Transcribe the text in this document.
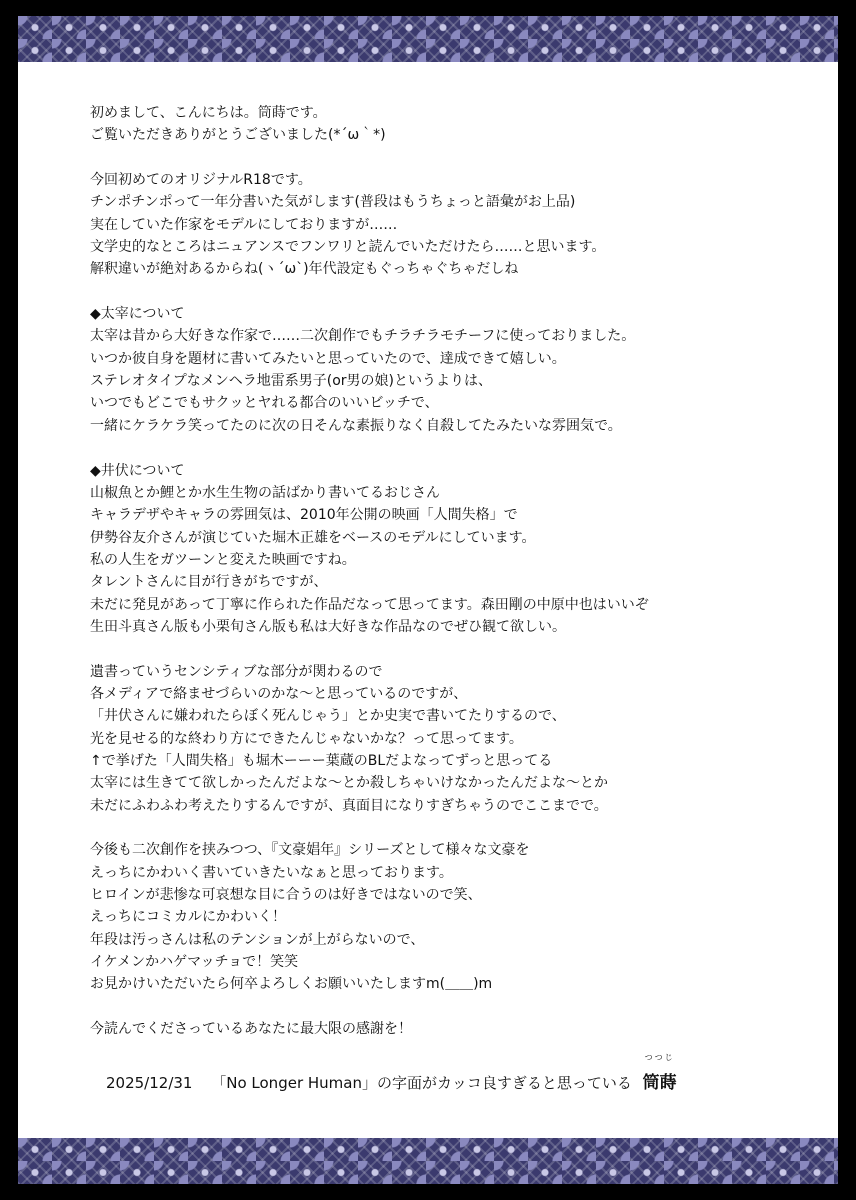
初めまして、こんにちは。筒蒔です。
ご覧いただきありがとうございました(*´ω｀*)
今回初めてのオリジナルR18です。
チンポチンポって一年分書いた気がします(普段はもうちょっと語彙がお上品)
実在していた作家をモデルにしておりますが……
文学史的なところはニュアンスでフンワリと読んでいただけたら……と思います。
解釈違いが絶対あるからね(ヽ´ω`)年代設定もぐっちゃぐちゃだしね
◆太宰について
太宰は昔から大好きな作家で……二次創作でもチラチラモチーフに使っておりました。
いつか彼自身を題材に書いてみたいと思っていたので、達成できて嬉しい。
ステレオタイプなメンヘラ地雷系男子(or男の娘)というよりは、
いつでもどこでもサクッとヤれる都合のいいビッチで、
一緒にケラケラ笑ってたのに次の日そんな素振りなく自殺してたみたいな雰囲気で。
◆井伏について
山椒魚とか鯉とか水生生物の話ばかり書いてるおじさん
キャラデザやキャラの雰囲気は、2010年公開の映画「人間失格」で
伊勢谷友介さんが演じていた堀木正雄をベースのモデルにしています。
私の人生をガツーンと変えた映画ですね。
タレントさんに目が行きがちですが、
未だに発見があって丁寧に作られた作品だなって思ってます。森田剛の中原中也はいいぞ
生田斗真さん版も小栗旬さん版も私は大好きな作品なのでぜひ観て欲しい。
遺書っていうセンシティブな部分が関わるので
各メディアで絡ませづらいのかな～と思っているのですが、
「井伏さんに嫌われたらぼく死んじゃう」とか史実で書いてたりするので、
光を見せる的な終わり方にできたんじゃないかな？って思ってます。
↑で挙げた「人間失格」も堀木ーーー葉蔵のBLだよなってずっと思ってる
太宰には生きてて欲しかったんだよな～とか殺しちゃいけなかったんだよな～とか
未だにふわふわ考えたりするんですが、真面目になりすぎちゃうのでここまでで。
今後も二次創作を挟みつつ、『文豪娼年』シリーズとして様々な文豪を
えっちにかわいく書いていきたいなぁと思っております。
ヒロインが悲惨な可哀想な目に合うのは好きではないので笑、
えっちにコミカルにかわいく！
年段は汚っさんは私のテンションが上がらないので、
イケメンかハゲマッチョで！笑笑
お見かけいただいたら何卒よろしくお願いいたしますm(＿＿)m
今読んでくださっているあなたに最大限の感謝を！
2025/12/31 「No Longer Human」の字面がカッコ良すぎると思っている
つつじ
筒蒔
